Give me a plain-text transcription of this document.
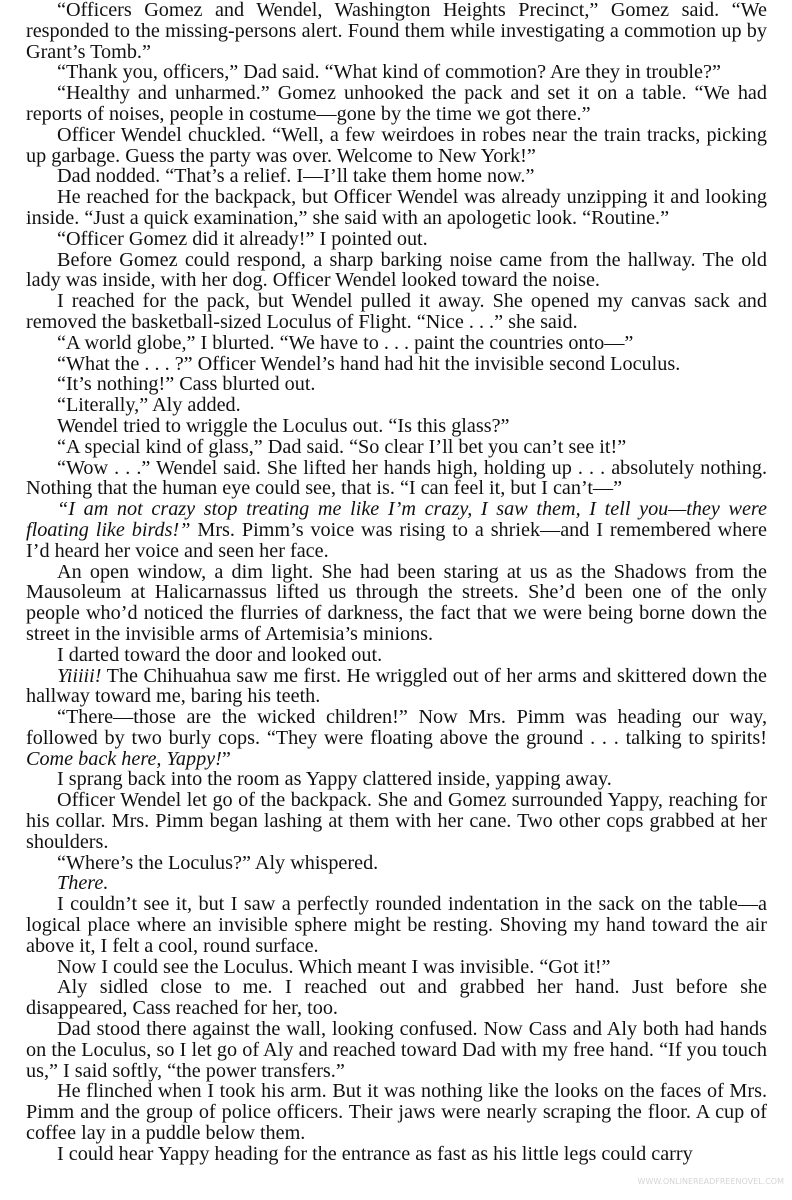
“Officers Gomez and Wendel, Washington Heights Precinct,” Gomez said. “We responded to the missing-persons alert. Found them while investigating a commotion up by Grant’s Tomb.”

“Thank you, officers,” Dad said. “What kind of commotion? Are they in trouble?”

“Healthy and unharmed.” Gomez unhooked the pack and set it on a table. “We had reports of noises, people in costume—gone by the time we got there.”

Officer Wendel chuckled. “Well, a few weirdoes in robes near the train tracks, picking up garbage. Guess the party was over. Welcome to New York!”

Dad nodded. “That’s a relief. I—I’ll take them home now.”

He reached for the backpack, but Officer Wendel was already unzipping it and looking inside. “Just a quick examination,” she said with an apologetic look. “Routine.”

“Officer Gomez did it already!” I pointed out.

Before Gomez could respond, a sharp barking noise came from the hallway. The old lady was inside, with her dog. Officer Wendel looked toward the noise.

I reached for the pack, but Wendel pulled it away. She opened my canvas sack and removed the basketball-sized Loculus of Flight. “Nice . . .” she said.

“A world globe,” I blurted. “We have to . . . paint the countries onto—”

“What the . . . ?” Officer Wendel’s hand had hit the invisible second Loculus.

“It’s nothing!” Cass blurted out.

“Literally,” Aly added.

Wendel tried to wriggle the Loculus out. “Is this glass?”

“A special kind of glass,” Dad said. “So clear I’ll bet you can’t see it!”

“Wow . . .” Wendel said. She lifted her hands high, holding up . . . absolutely nothing. Nothing that the human eye could see, that is. “I can feel it, but I can’t—”

“I am not crazy stop treating me like I’m crazy, I saw them, I tell you—they were floating like birds!” Mrs. Pimm’s voice was rising to a shriek—and I remembered where I’d heard her voice and seen her face.

An open window, a dim light. She had been staring at us as the Shadows from the Mausoleum at Halicarnassus lifted us through the streets. She’d been one of the only people who’d noticed the flurries of darkness, the fact that we were being borne down the street in the invisible arms of Artemisia’s minions.

I darted toward the door and looked out.

Yiiiii! The Chihuahua saw me first. He wriggled out of her arms and skittered down the hallway toward me, baring his teeth.

“There—those are the wicked children!” Now Mrs. Pimm was heading our way, followed by two burly cops. “They were floating above the ground . . . talking to spirits! Come back here, Yappy!”

I sprang back into the room as Yappy clattered inside, yapping away.

Officer Wendel let go of the backpack. She and Gomez surrounded Yappy, reaching for his collar. Mrs. Pimm began lashing at them with her cane. Two other cops grabbed at her shoulders.

“Where’s the Loculus?” Aly whispered.

There.

I couldn’t see it, but I saw a perfectly rounded indentation in the sack on the table—a logical place where an invisible sphere might be resting. Shoving my hand toward the air above it, I felt a cool, round surface.

Now I could see the Loculus. Which meant I was invisible. “Got it!”

Aly sidled close to me. I reached out and grabbed her hand. Just before she disappeared, Cass reached for her, too.

Dad stood there against the wall, looking confused. Now Cass and Aly both had hands on the Loculus, so I let go of Aly and reached toward Dad with my free hand. “If you touch us,” I said softly, “the power transfers.”

He flinched when I took his arm. But it was nothing like the looks on the faces of Mrs. Pimm and the group of police officers. Their jaws were nearly scraping the floor. A cup of coffee lay in a puddle below them.

I could hear Yappy heading for the entrance as fast as his little legs could carry

WWW.ONLINEREADFREENOVEL.COM
